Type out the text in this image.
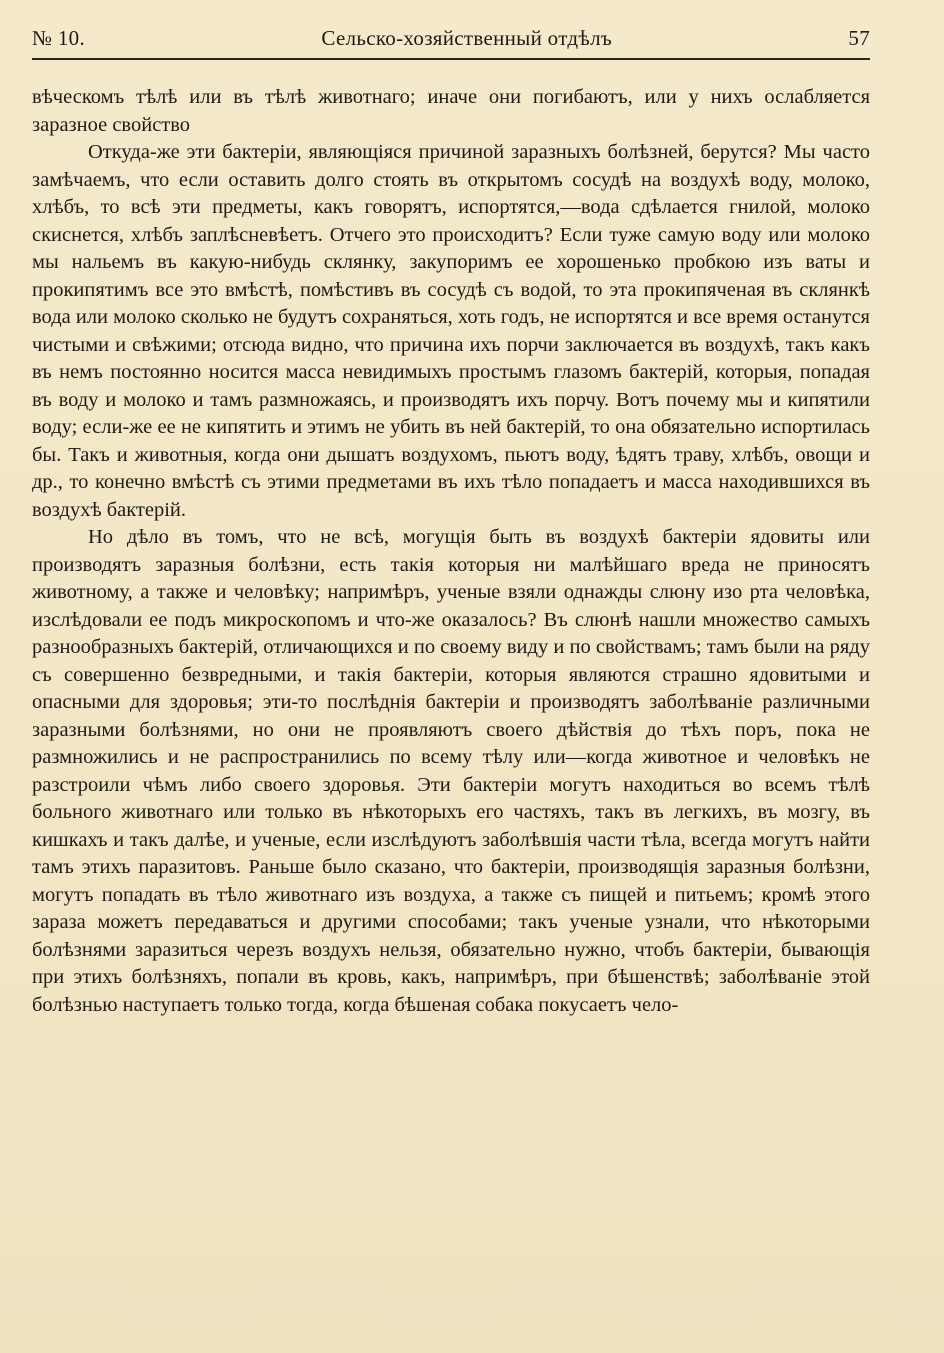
№ 10.	Сельско-хозяйственный отдѣлъ	57

вѣческомъ тѣлѣ или въ тѣлѣ животнаго; иначе они погибаютъ, или у нихъ ослабляется заразное свойство

Откуда-же эти бактеріи, являющіяся причиной заразныхъ болѣзней, берутся? Мы часто замѣчаемъ, что если оставить долго стоять въ открытомъ сосудѣ на воздухѣ воду, молоко, хлѣбъ, то всѣ эти предметы, какъ говорятъ, испортятся,—вода сдѣлается гнилой, молоко скиснется, хлѣбъ заплѣсневѣетъ. Отчего это происходитъ? Если туже самую воду или молоко мы нальемъ въ какую-нибудь склянку, закупоримъ ее хорошенько пробкою изъ ваты и прокипятимъ все это вмѣстѣ, помѣстивъ въ сосудѣ съ водой, то эта прокипяченая въ склянкѣ вода или молоко сколько не будутъ сохраняться, хоть годъ, не испортятся и все время останутся чистыми и свѣжими; отсюда видно, что причина ихъ порчи заключается въ воздухѣ, такъ какъ въ немъ постоянно носится масса невидимыхъ простымъ глазомъ бактерій, которыя, попадая въ воду и молоко и тамъ размножаясь, и производятъ ихъ порчу. Вотъ почему мы и кипятили воду; если-же ее не кипятить и этимъ не убить въ ней бактерій, то она обязательно испортилась бы. Такъ и животныя, когда они дышатъ воздухомъ, пьютъ воду, ѣдятъ траву, хлѣбъ, овощи и др., то конечно вмѣстѣ съ этими предметами въ ихъ тѣло попадаетъ и масса находившихся въ воздухѣ бактерій.

Но дѣло въ томъ, что не всѣ, могущія быть въ воздухѣ бактеріи ядовиты или производятъ заразныя болѣзни, есть такія которыя ни малѣйшаго вреда не приносятъ животному, а также и человѣку; напримѣръ, ученые взяли однажды слюну изо рта человѣка, изслѣдовали ее подъ микроскопомъ и что-же оказалось? Въ слюнѣ нашли множество самыхъ разнообразныхъ бактерій, отличающихся и по своему виду и по свойствамъ; тамъ были на ряду съ совершенно безвредными, и такія бактеріи, которыя являются страшно ядовитыми и опасными для здоровья; эти-то послѣднія бактеріи и производятъ заболѣваніе различными заразными болѣзнями, но они не проявляютъ своего дѣйствія до тѣхъ поръ, пока не размножились и не распространились по всему тѣлу или—когда животное и человѣкъ не разстроили чѣмъ либо своего здоровья. Эти бактеріи могутъ находиться во всемъ тѣлѣ больного животнаго или только въ нѣкоторыхъ его частяхъ, такъ въ легкихъ, въ мозгу, въ кишкахъ и такъ далѣе, и ученые, если изслѣдуютъ заболѣвшія части тѣла, всегда могутъ найти тамъ этихъ паразитовъ. Раньше было сказано, что бактеріи, производящія заразныя болѣзни, могутъ попадать въ тѣло животнаго изъ воздуха, а также съ пищей и питьемъ; кромѣ этого зараза можетъ передаваться и другими способами; такъ ученые узнали, что нѣкоторыми болѣзнями заразиться черезъ воздухъ нельзя, обязательно нужно, чтобъ бактеріи, бывающія при этихъ болѣзняхъ, попали въ кровь, какъ, напримѣръ, при бѣшенствѣ; заболѣваніе этой болѣзнью наступаетъ только тогда, когда бѣшеная собака покусаетъ чело-
